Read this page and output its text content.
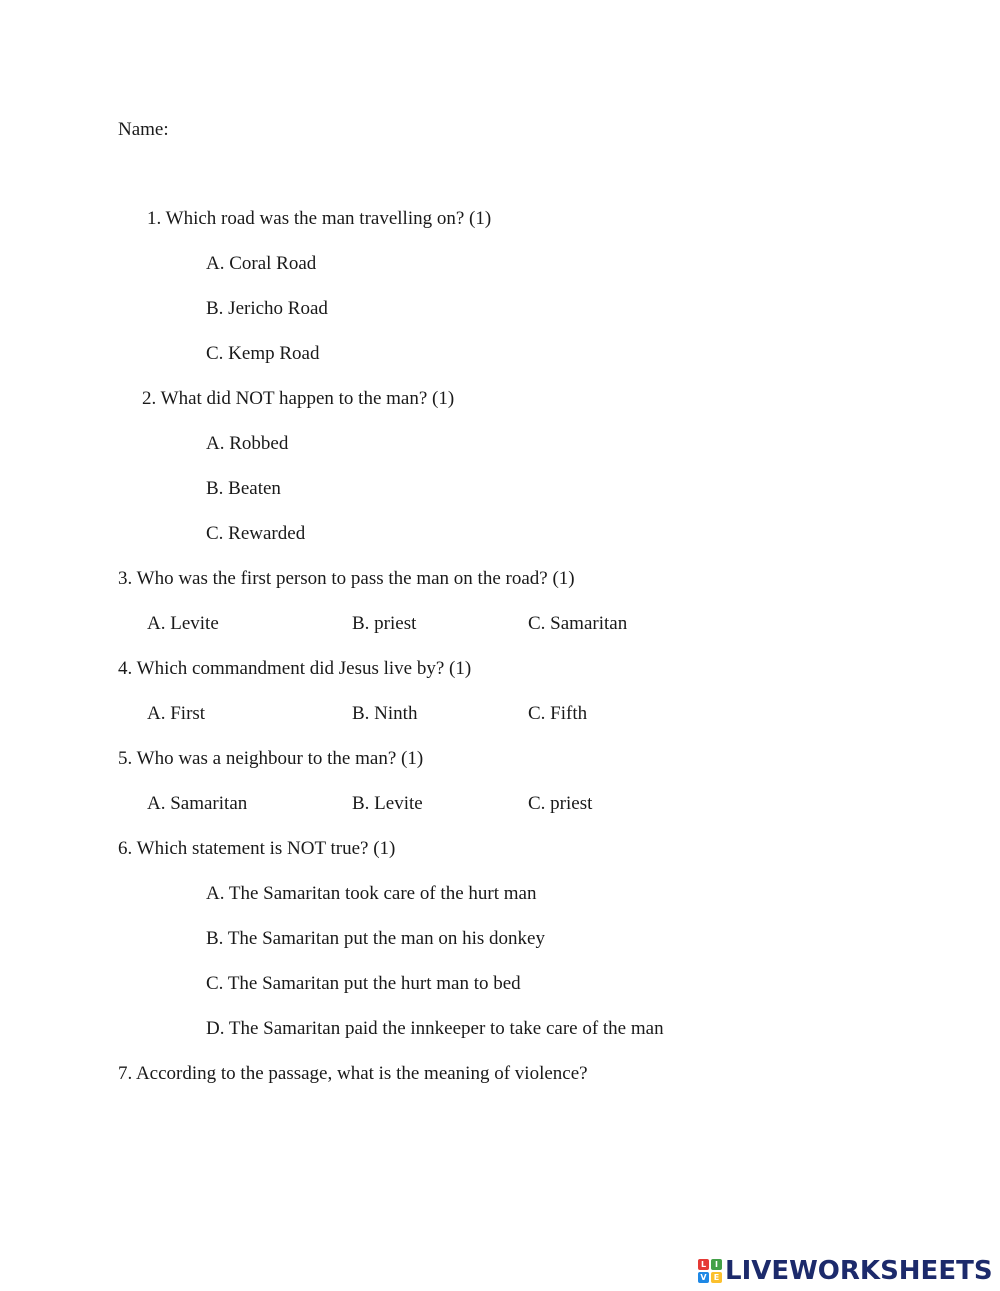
Name:
1. Which road was the man travelling on? (1)
A. Coral Road
B. Jericho Road
C. Kemp Road
2. What did NOT happen to the man? (1)
A. Robbed
B. Beaten
C. Rewarded
3. Who was the first person to pass the man on the road? (1)
A. Levite	B. priest	C. Samaritan
4. Which commandment did Jesus live by? (1)
A. First	B. Ninth	C. Fifth
5. Who was a neighbour to the man? (1)
A. Samaritan	B. Levite	C. priest
6. Which statement is NOT true? (1)
A. The Samaritan took care of the hurt man
B. The Samaritan put the man on his donkey
C. The Samaritan put the hurt man to bed
D. The Samaritan paid the innkeeper to take care of the man
7. According to the passage, what is the meaning of violence?
L	I
V E LIVEWORKSHEETS
